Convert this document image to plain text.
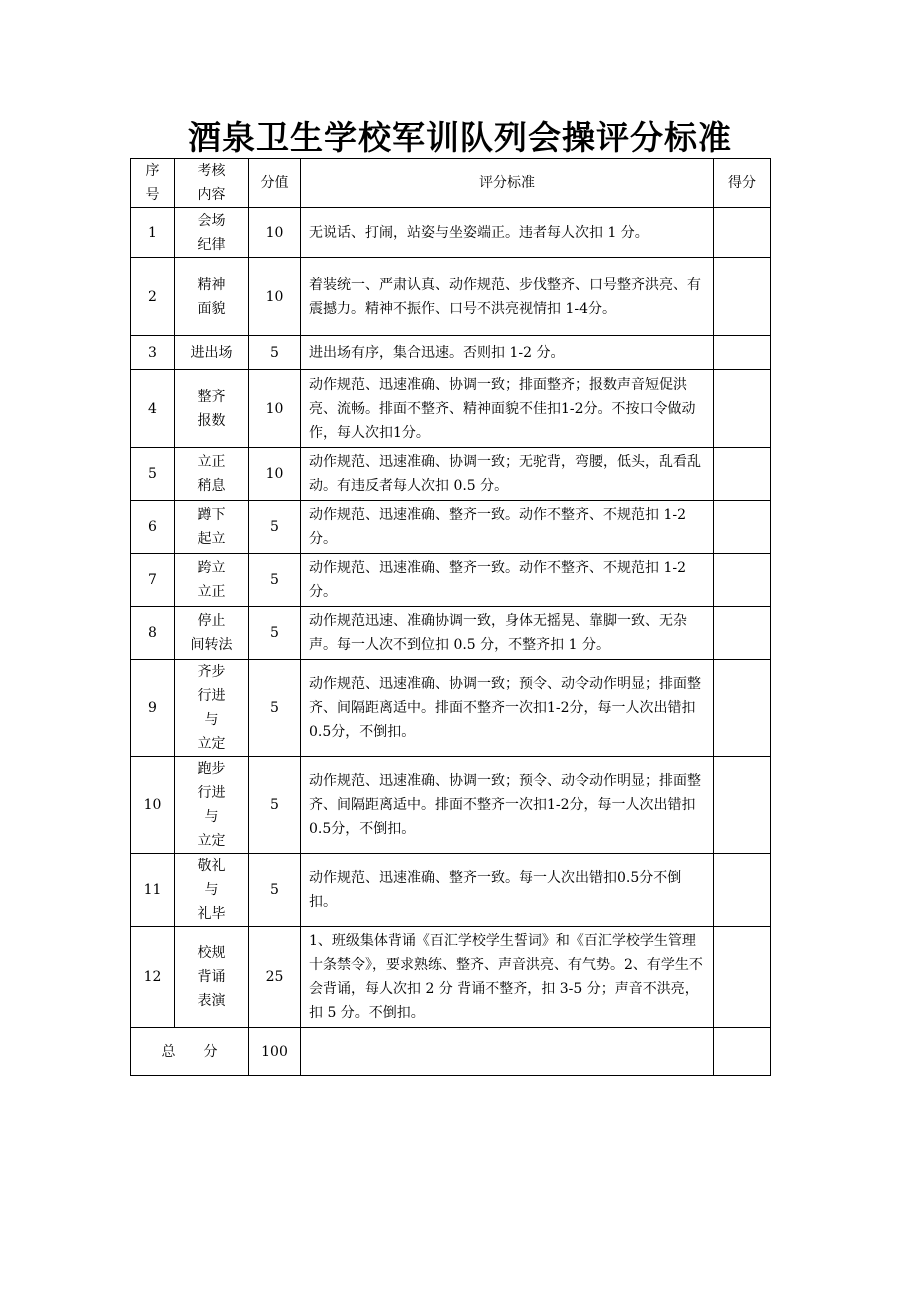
酒泉卫生学校军训队列会操评分标准
序
号	考核
内容	分值	评分标准	得分
1	会场
纪律	10	无说话、打闹，站姿与坐姿端正。违者每人次扣 1 分。	
2	精神
面貌	10	着装统一、严肃认真、动作规范、步伐整齐、口号整齐洪亮、有震撼力。精神不振作、口号不洪亮视情扣 1-4分。	
3	进出场	5	进出场有序，集合迅速。否则扣 1-2 分。	
4	整齐
报数	10	动作规范、迅速准确、协调一致；排面整齐；报数声音短促洪亮、流畅。排面不整齐、精神面貌不佳扣1-2分。不按口令做动作，每人次扣1分。	
5	立正
稍息	10	动作规范、迅速准确、协调一致；无驼背，弯腰，低头，乱看乱动。有违反者每人次扣 0.5 分。	
6	蹲下
起立	5	动作规范、迅速准确、整齐一致。动作不整齐、不规范扣 1-2 分。	
7	跨立
立正	5	动作规范、迅速准确、整齐一致。动作不整齐、不规范扣 1-2 分。	
8	停止
间转法	5	动作规范迅速、准确协调一致，身体无摇晃、靠脚一致、无杂声。每一人次不到位扣 0.5 分，不整齐扣 1 分。	
9	齐步
行进
与
立定	5	动作规范、迅速准确、协调一致；预令、动令动作明显；排面整齐、间隔距离适中。排面不整齐一次扣1-2分，每一人次出错扣0.5分，不倒扣。	
10	跑步
行进
与
立定	5	动作规范、迅速准确、协调一致；预令、动令动作明显；排面整齐、间隔距离适中。排面不整齐一次扣1-2分，每一人次出错扣0.5分，不倒扣。	
11	敬礼
与
礼毕	5	动作规范、迅速准确、整齐一致。每一人次出错扣0.5分不倒扣。	
12	校规
背诵
表演	25	1、班级集体背诵《百汇学校学生誓词》和《百汇学校学生管理十条禁令》，要求熟练、整齐、声音洪亮、有气势。2、有学生不会背诵，每人次扣 2 分 背诵不整齐，扣 3-5 分；声音不洪亮，扣 5 分。不倒扣。	
总　　分		100		
